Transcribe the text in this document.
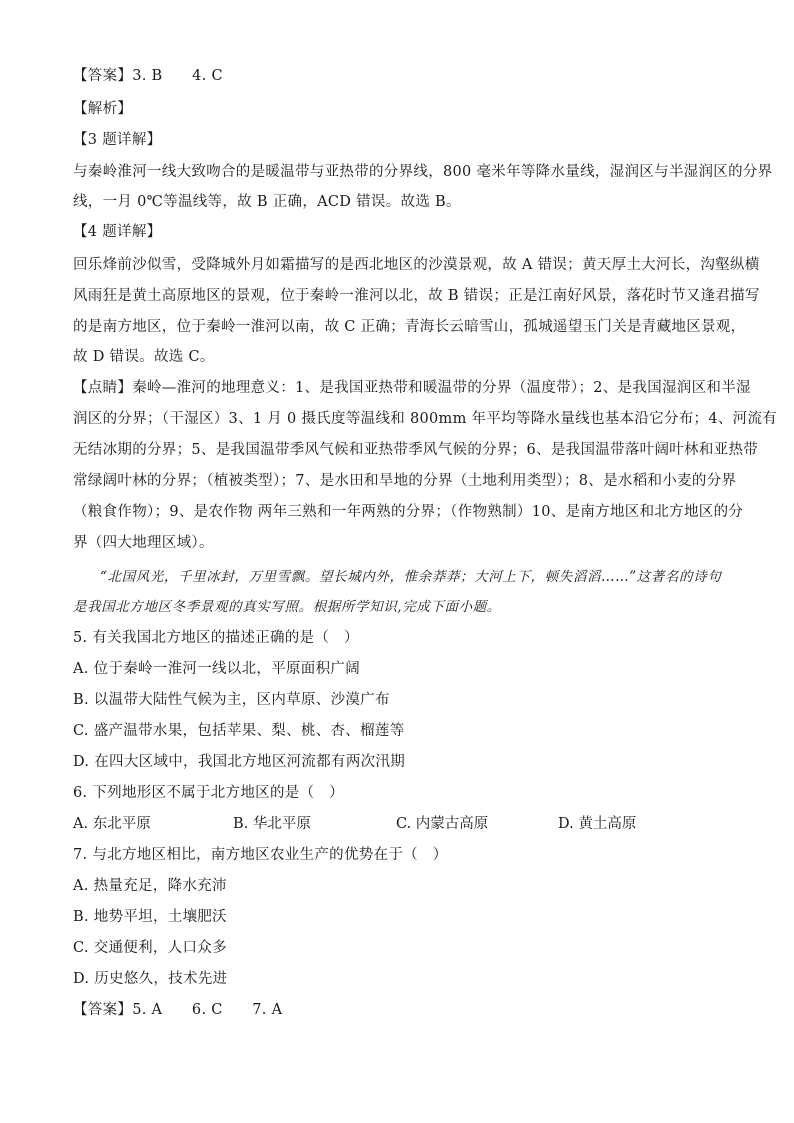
【答案】3. B　　4. C
【解析】
【3 题详解】
与秦岭淮河一线大致吻合的是暖温带与亚热带的分界线，800 毫米年等降水量线，湿润区与半湿润区的分界
线，一月 0℃等温线等，故 B 正确，ACD 错误。故选 B。
【4 题详解】
回乐烽前沙似雪，受降城外月如霜描写的是西北地区的沙漠景观，故 A 错误；黄天厚土大河长，沟壑纵横
风雨狂是黄土高原地区的景观，位于秦岭一淮河以北，故 B 错误；正是江南好风景，落花时节又逢君描写
的是南方地区，位于秦岭一淮河以南，故 C 正确；青海长云暗雪山，孤城遥望玉门关是青藏地区景观，
故 D 错误。故选 C。
【点睛】秦岭—淮河的地理意义：1、是我国亚热带和暖温带的分界（温度带）；2、是我国湿润区和半湿
润区的分界；（干湿区）3、1 月 0 摄氏度等温线和 800mm 年平均等降水量线也基本沿它分布；4、河流有
无结冰期的分界；5、是我国温带季风气候和亚热带季风气候的分界；6、是我国温带落叶阔叶林和亚热带
常绿阔叶林的分界；（植被类型）；7、是水田和旱地的分界（土地利用类型）；8、是水稻和小麦的分界
（粮食作物）；9、是农作物 两年三熟和一年两熟的分界；（作物熟制）10、是南方地区和北方地区的分
界（四大地理区域）。
“北国风光，千里冰封，万里雪飘。望长城内外，惟余莽莽；大河上下，顿失滔滔……”这著名的诗句
是我国北方地区冬季景观的真实写照。根据所学知识,完成下面小题。
5. 有关我国北方地区的描述正确的是（　）
A. 位于秦岭一淮河一线以北，平原面积广阔
B. 以温带大陆性气候为主，区内草原、沙漠广布
C. 盛产温带水果，包括苹果、梨、桃、杏、榴莲等
D. 在四大区域中，我国北方地区河流都有两次汛期
6. 下列地形区不属于北方地区的是（　）
A. 东北平原	B. 华北平原	C. 内蒙古高原	D. 黄土高原
7. 与北方地区相比，南方地区农业生产的优势在于（　）
A. 热量充足，降水充沛
B. 地势平坦，土壤肥沃
C. 交通便利，人口众多
D. 历史悠久，技术先进
【答案】5. A　　6. C　　7. A
